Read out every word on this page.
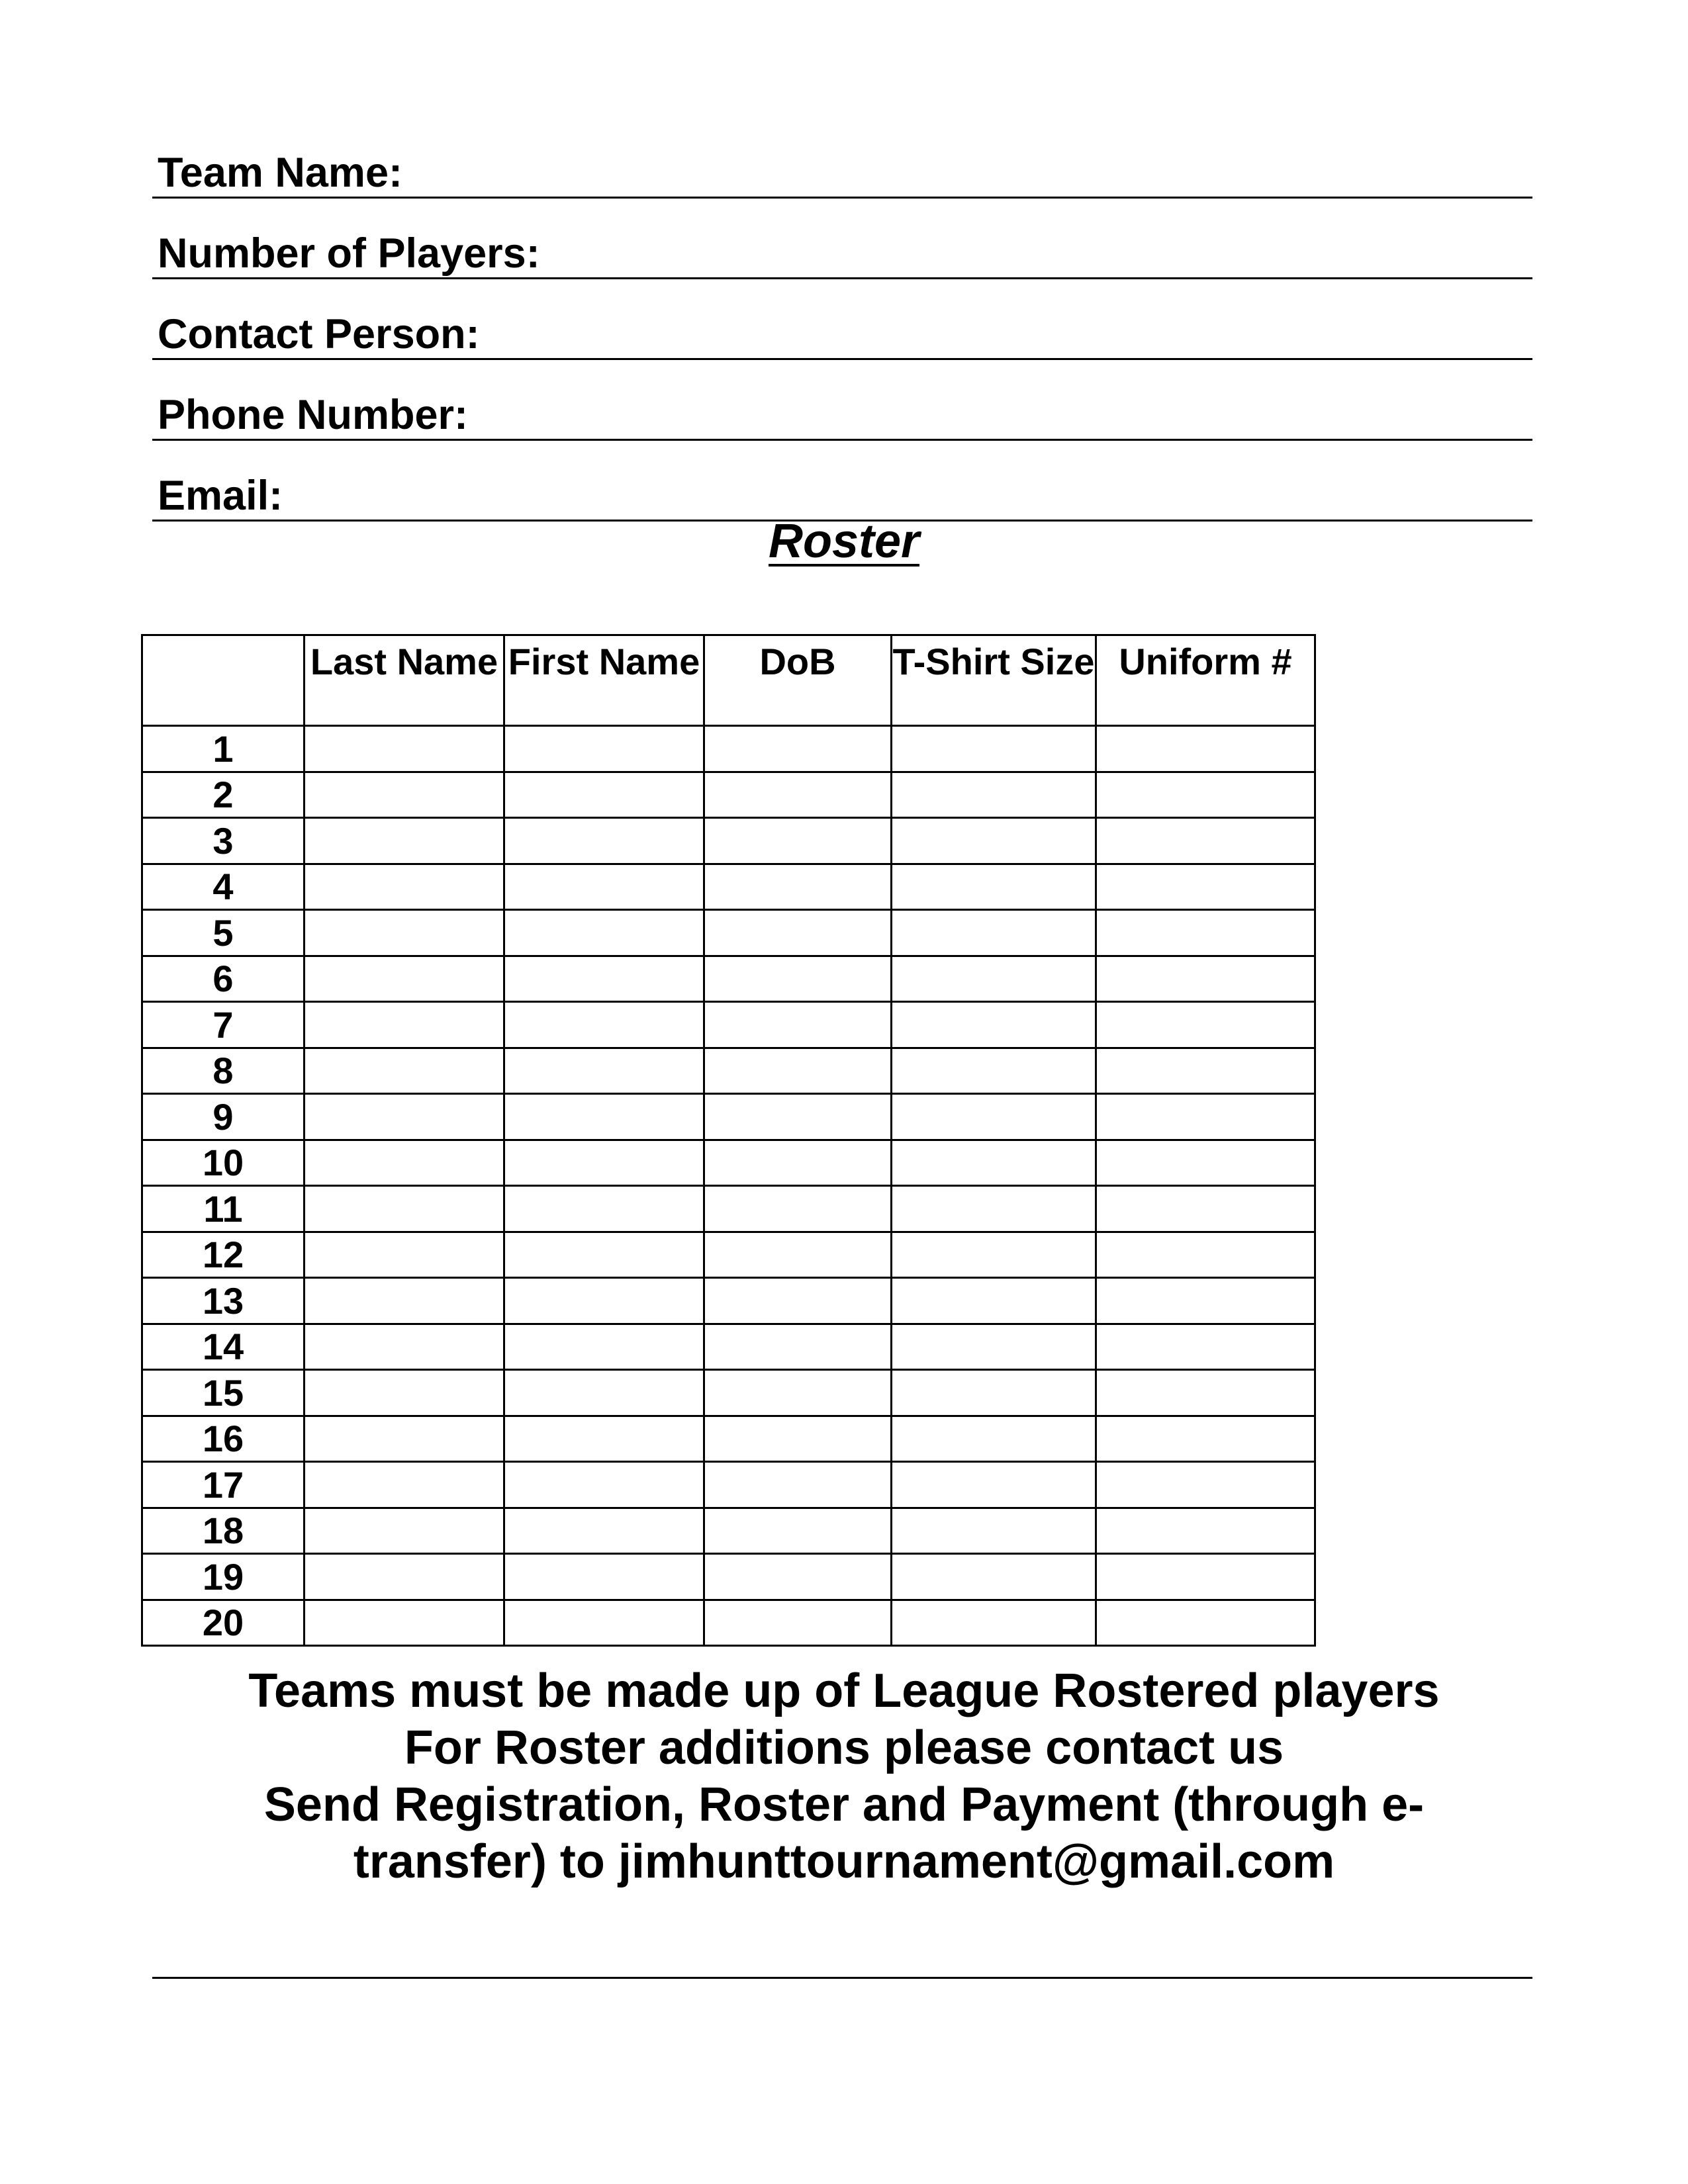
Team Name:
Number of Players:
Contact Person:
Phone Number:
Email:
Roster
	Last Name	First Name	DoB	T-Shirt Size	Uniform #
1					
2					
3					
4					
5					
6					
7					
8					
9					
10					
11					
12					
13					
14					
15					
16					
17					
18					
19					
20					
Teams must be made up of League Rostered players
For Roster additions please contact us
Send Registration, Roster and Payment (through e-
transfer) to jimhunttournament@gmail.com
